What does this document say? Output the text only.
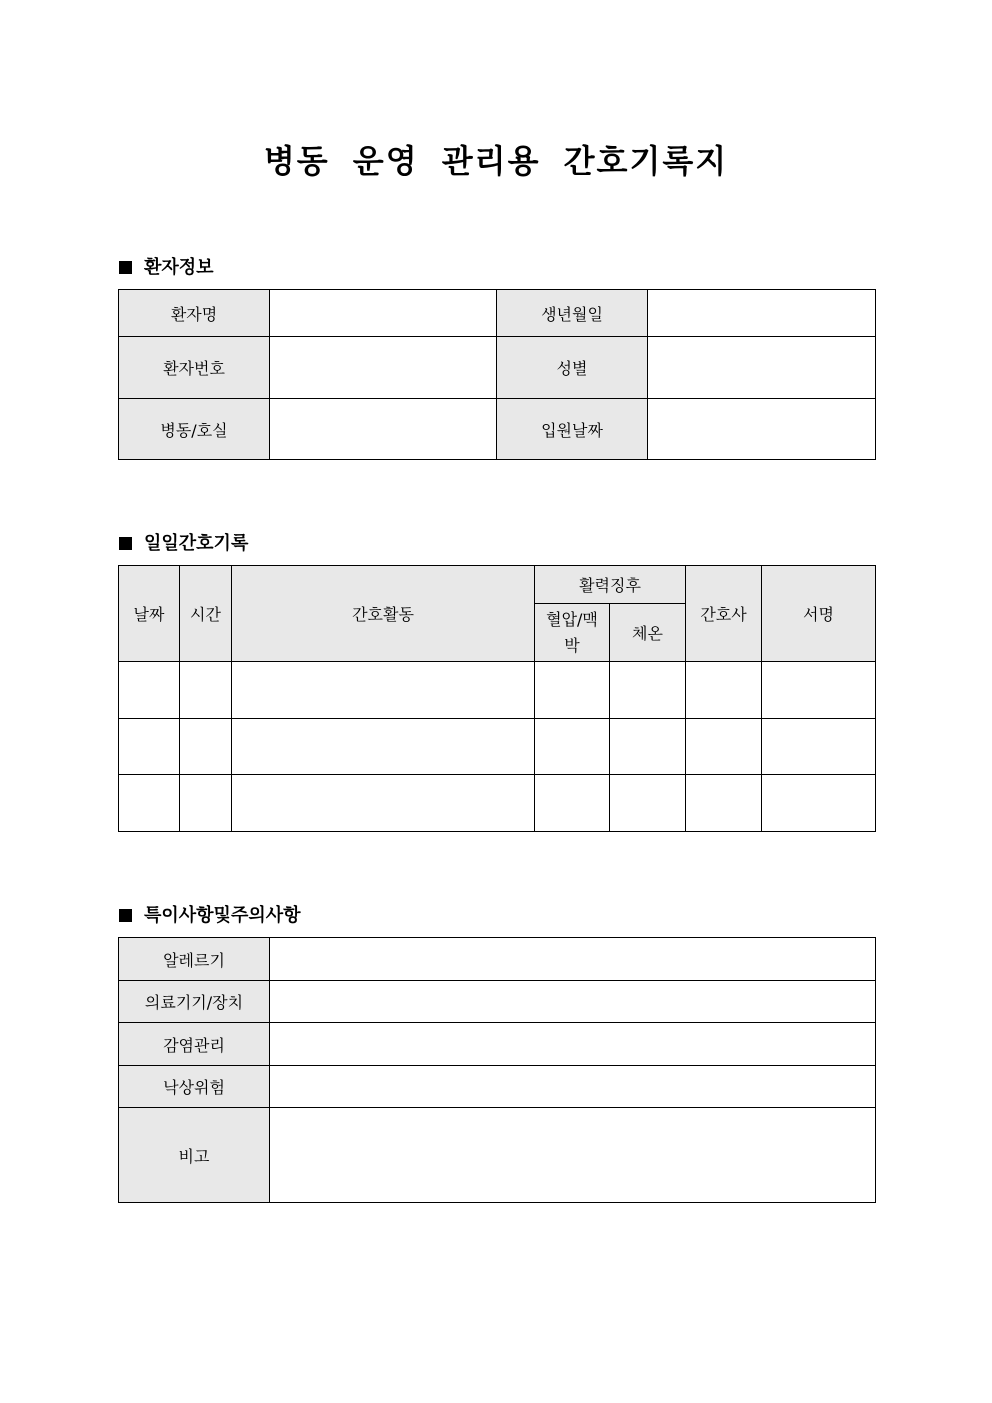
병동 운영 관리용 간호기록지
환자정보
환자명		생년월일	
환자번호		성별	
병동/호실		입원날짜	
일일간호기록
날짜	시간	간호활동	활력징후		간호사	서명
			혈압/맥박	체온		

특이사항및주의사항
알레르기	
의료기기/장치	
감염관리	
낙상위험	
비고	
